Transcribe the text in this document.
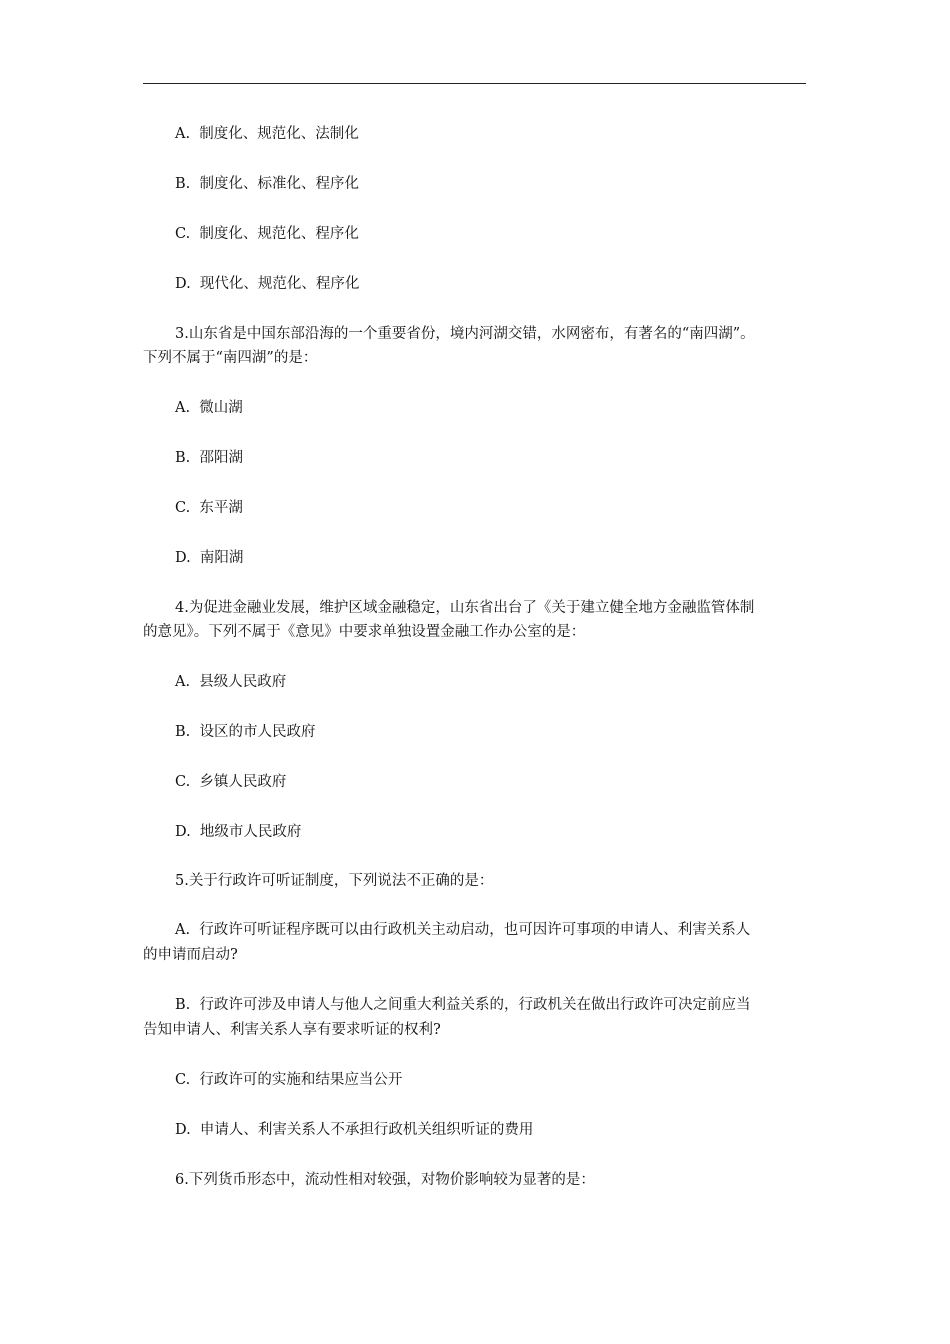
A.  制度化、规范化、法制化
B.  制度化、标准化、程序化
C.  制度化、规范化、程序化
D.  现代化、规范化、程序化
3.山东省是中国东部沿海的一个重要省份，境内河湖交错，水网密布，有著名的“南四湖”。
下列不属于“南四湖”的是：
A.  微山湖
B.  邵阳湖
C.  东平湖
D.  南阳湖
4.为促进金融业发展，维护区域金融稳定，山东省出台了《关于建立健全地方金融监管体制
的意见》。下列不属于《意见》中要求单独设置金融工作办公室的是：
A.  县级人民政府
B.  设区的市人民政府
C.  乡镇人民政府
D.  地级市人民政府
5.关于行政许可听证制度，下列说法不正确的是：
A.  行政许可听证程序既可以由行政机关主动启动，也可因许可事项的申请人、利害关系人
的申请而启动?
B.  行政许可涉及申请人与他人之间重大利益关系的，行政机关在做出行政许可决定前应当
告知申请人、利害关系人享有要求听证的权利?
C.  行政许可的实施和结果应当公开
D.  申请人、利害关系人不承担行政机关组织听证的费用
6.下列货币形态中，流动性相对较强，对物价影响较为显著的是：
